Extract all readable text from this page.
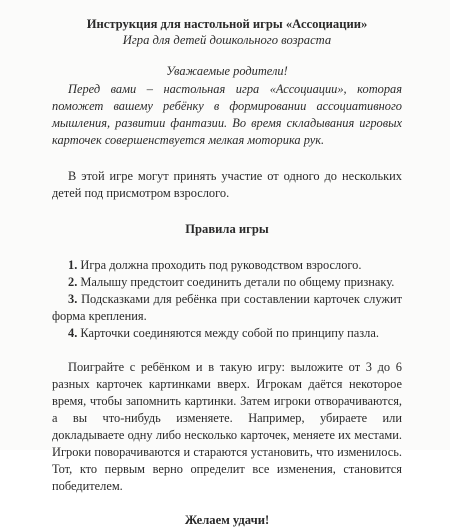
Инструкция для настольной игры «Ассоциации»

Игра для детей дошкольного возраста

Уважаемые родители!

Перед вами – настольная игра «Ассоциации», которая поможет вашему ребёнку в формировании ассоциативного мышления, развитии фантазии. Во время складывания игровых карточек совершенствуется мелкая моторика рук.

В этой игре могут принять участие от одного до нескольких детей под присмотром взрослого.

Правила игры

1. Игра должна проходить под руководством взрослого.

2. Малышу предстоит соединить детали по общему признаку.

3. Подсказками для ребёнка при составлении карточек служит форма крепления.

4. Карточки соединяются между собой по принципу пазла.

Поиграйте с ребёнком и в такую игру: выложите от 3 до 6 разных карточек картинками вверх. Игрокам даётся некоторое время, чтобы запомнить картинки. Затем игроки отворачиваются, а вы что-нибудь изменяете. Например, убираете или докладываете одну либо несколько карточек, меняете их местами. Игроки поворачиваются и стараются установить, что изменилось. Тот, кто первым верно определит все изменения, становится победителем.

Желаем удачи!
